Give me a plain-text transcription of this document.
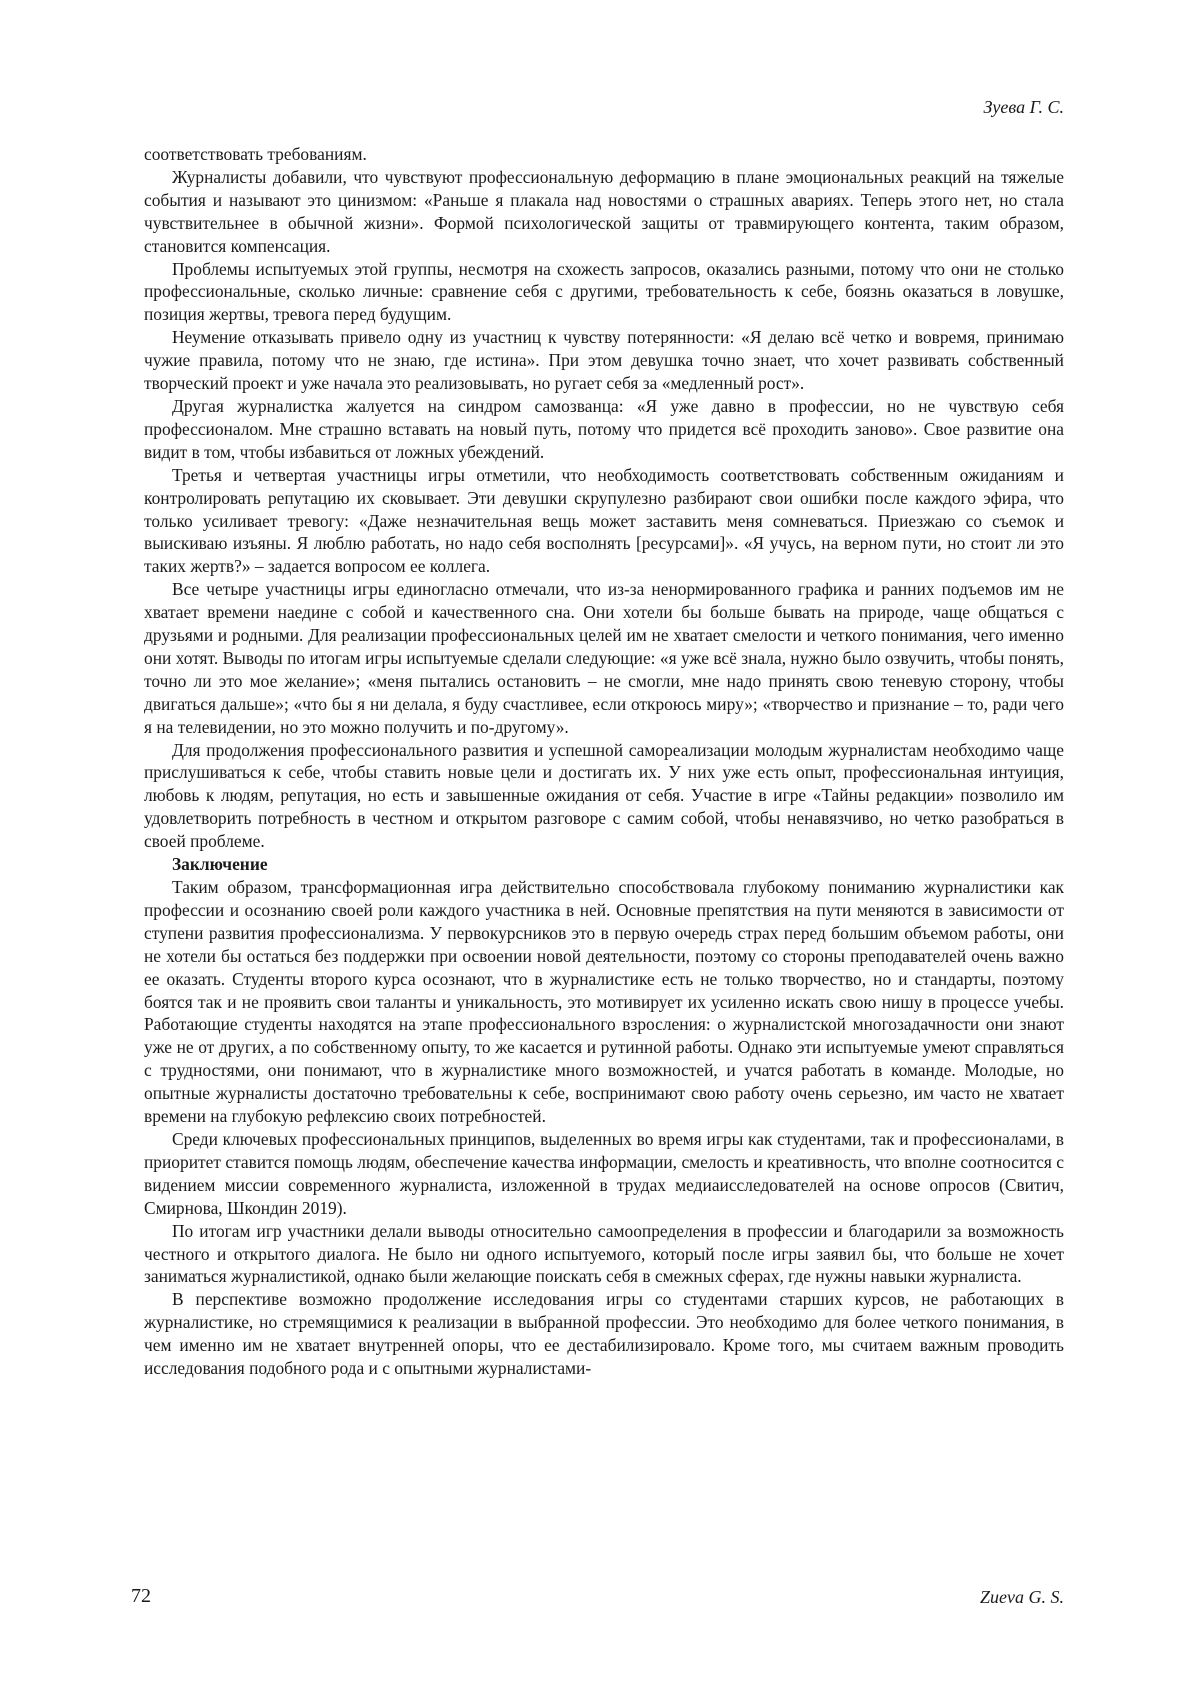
Зуева Г. С.

соответствовать требованиям.

Журналисты добавили, что чувствуют профессиональную деформацию в плане эмоциональных реакций на тяжелые события и называют это цинизмом: «Раньше я плакала над новостями о страшных авариях. Теперь этого нет, но стала чувствительнее в обычной жизни». Формой психологической защиты от травмирующего контента, таким образом, становится компенсация.

Проблемы испытуемых этой группы, несмотря на схожесть запросов, оказались разными, потому что они не столько профессиональные, сколько личные: сравнение себя с другими, требовательность к себе, боязнь оказаться в ловушке, позиция жертвы, тревога перед будущим.

Неумение отказывать привело одну из участниц к чувству потерянности: «Я делаю всё четко и вовремя, принимаю чужие правила, потому что не знаю, где истина». При этом девушка точно знает, что хочет развивать собственный творческий проект и уже начала это реализовывать, но ругает себя за «медленный рост».

Другая журналистка жалуется на синдром самозванца: «Я уже давно в профессии, но не чувствую себя профессионалом. Мне страшно вставать на новый путь, потому что придется всё проходить заново». Свое развитие она видит в том, чтобы избавиться от ложных убеждений.

Третья и четвертая участницы игры отметили, что необходимость соответствовать собственным ожиданиям и контролировать репутацию их сковывает. Эти девушки скрупулезно разбирают свои ошибки после каждого эфира, что только усиливает тревогу: «Даже незначительная вещь может заставить меня сомневаться. Приезжаю со съемок и выискиваю изъяны. Я люблю работать, но надо себя восполнять [ресурсами]». «Я учусь, на верном пути, но стоит ли это таких жертв?» – задается вопросом ее коллега.

Все четыре участницы игры единогласно отмечали, что из-за ненормированного графика и ранних подъемов им не хватает времени наедине с собой и качественного сна. Они хотели бы больше бывать на природе, чаще общаться с друзьями и родными. Для реализации профессиональных целей им не хватает смелости и четкого понимания, чего именно они хотят. Выводы по итогам игры испытуемые сделали следующие: «я уже всё знала, нужно было озвучить, чтобы понять, точно ли это мое желание»; «меня пытались остановить – не смогли, мне надо принять свою теневую сторону, чтобы двигаться дальше»; «что бы я ни делала, я буду счастливее, если откроюсь миру»; «творчество и признание – то, ради чего я на телевидении, но это можно получить и по-другому».

Для продолжения профессионального развития и успешной самореализации молодым журналистам необходимо чаще прислушиваться к себе, чтобы ставить новые цели и достигать их. У них уже есть опыт, профессиональная интуиция, любовь к людям, репутация, но есть и завышенные ожидания от себя. Участие в игре «Тайны редакции» позволило им удовлетворить потребность в честном и открытом разговоре с самим собой, чтобы ненавязчиво, но четко разобраться в своей проблеме.

Заключение

Таким образом, трансформационная игра действительно способствовала глубокому пониманию журналистики как профессии и осознанию своей роли каждого участника в ней. Основные препятствия на пути меняются в зависимости от ступени развития профессионализма. У первокурсников это в первую очередь страх перед большим объемом работы, они не хотели бы остаться без поддержки при освоении новой деятельности, поэтому со стороны преподавателей очень важно ее оказать. Студенты второго курса осознают, что в журналистике есть не только творчество, но и стандарты, поэтому боятся так и не проявить свои таланты и уникальность, это мотивирует их усиленно искать свою нишу в процессе учебы. Работающие студенты находятся на этапе профессионального взросления: о журналистской многозадачности они знают уже не от других, а по собственному опыту, то же касается и рутинной работы. Однако эти испытуемые умеют справляться с трудностями, они понимают, что в журналистике много возможностей, и учатся работать в команде. Молодые, но опытные журналисты достаточно требовательны к себе, воспринимают свою работу очень серьезно, им часто не хватает времени на глубокую рефлексию своих потребностей.

Среди ключевых профессиональных принципов, выделенных во время игры как студентами, так и профессионалами, в приоритет ставится помощь людям, обеспечение качества информации, смелость и креативность, что вполне соотносится с видением миссии современного журналиста, изложенной в трудах медиаисследователей на основе опросов (Свитич, Смирнова, Шкондин 2019).

По итогам игр участники делали выводы относительно самоопределения в профессии и благодарили за возможность честного и открытого диалога. Не было ни одного испытуемого, который после игры заявил бы, что больше не хочет заниматься журналистикой, однако были желающие поискать себя в смежных сферах, где нужны навыки журналиста.

В перспективе возможно продолжение исследования игры со студентами старших курсов, не работающих в журналистике, но стремящимися к реализации в выбранной профессии. Это необходимо для более четкого понимания, в чем именно им не хватает внутренней опоры, что ее дестабилизировало. Кроме того, мы считаем важным проводить исследования подобного рода и с опытными журналистами-

72	Zueva G. S.
